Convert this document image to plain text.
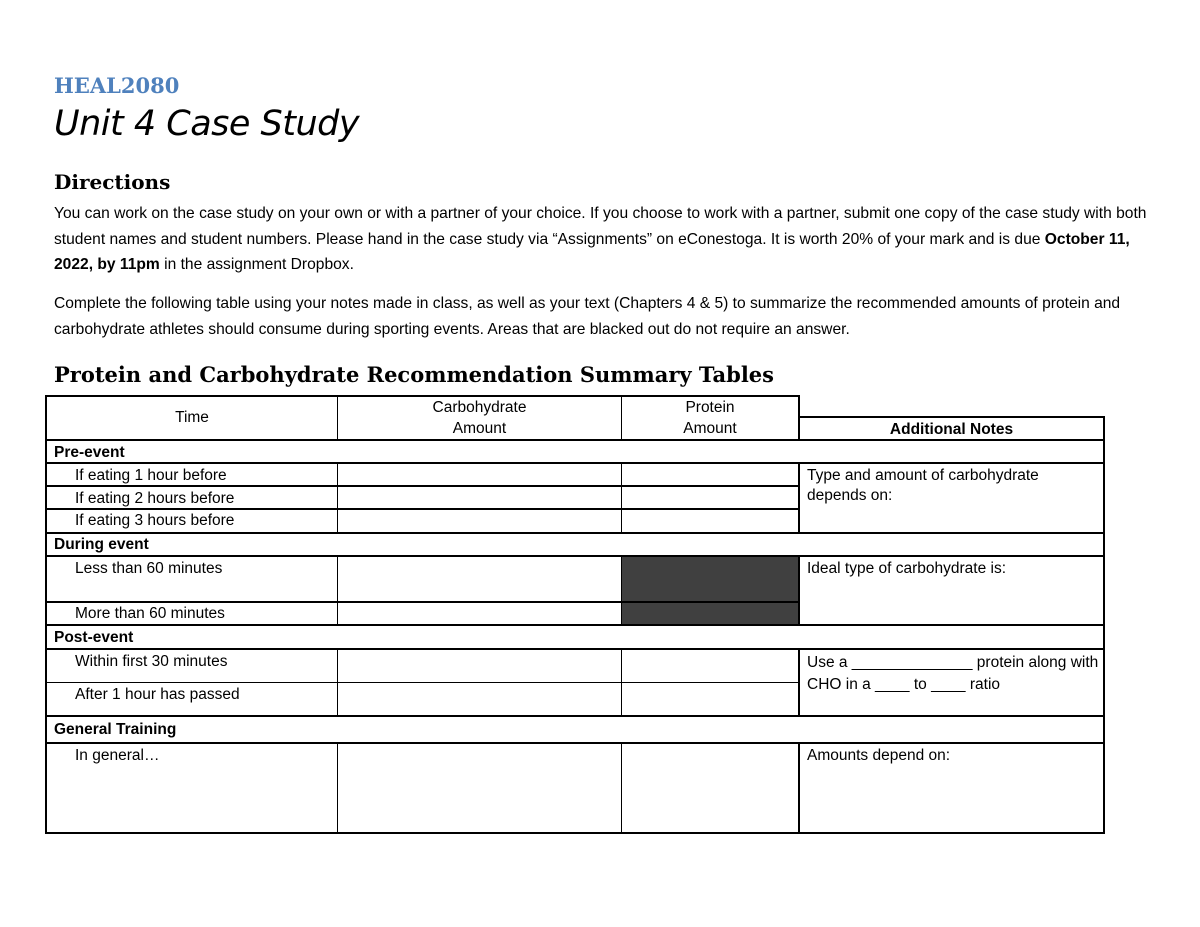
HEAL2080
Unit 4 Case Study
Directions
You can work on the case study on your own or with a partner of your choice. If you choose to work with a partner, submit one copy of the case study with both student names and student numbers. Please hand in the case study via “Assignments” on eConestoga. It is worth 20% of your mark and is due October 11, 2022, by 11pm in the assignment Dropbox.
Complete the following table using your notes made in class, as well as your text (Chapters 4 & 5) to summarize the recommended amounts of protein and carbohydrate athletes should consume during sporting events. Areas that are blacked out do not require an answer.
Protein and Carbohydrate Recommendation Summary Tables
Time
Carbohydrate
Amount
Protein
Amount	Additional Notes
Pre-event
During event
Post-event
General Training
If eating 1 hour before
If eating 2 hours before
If eating 3 hours before
Less than 60 minutes
More than 60 minutes
Within first 30 minutes
After 1 hour has passed
In general…
Type and amount of carbohydrate depends on:
Ideal type of carbohydrate is:
Use a ______________ protein along with CHO in a ____ to ____ ratio
Amounts depend on:
